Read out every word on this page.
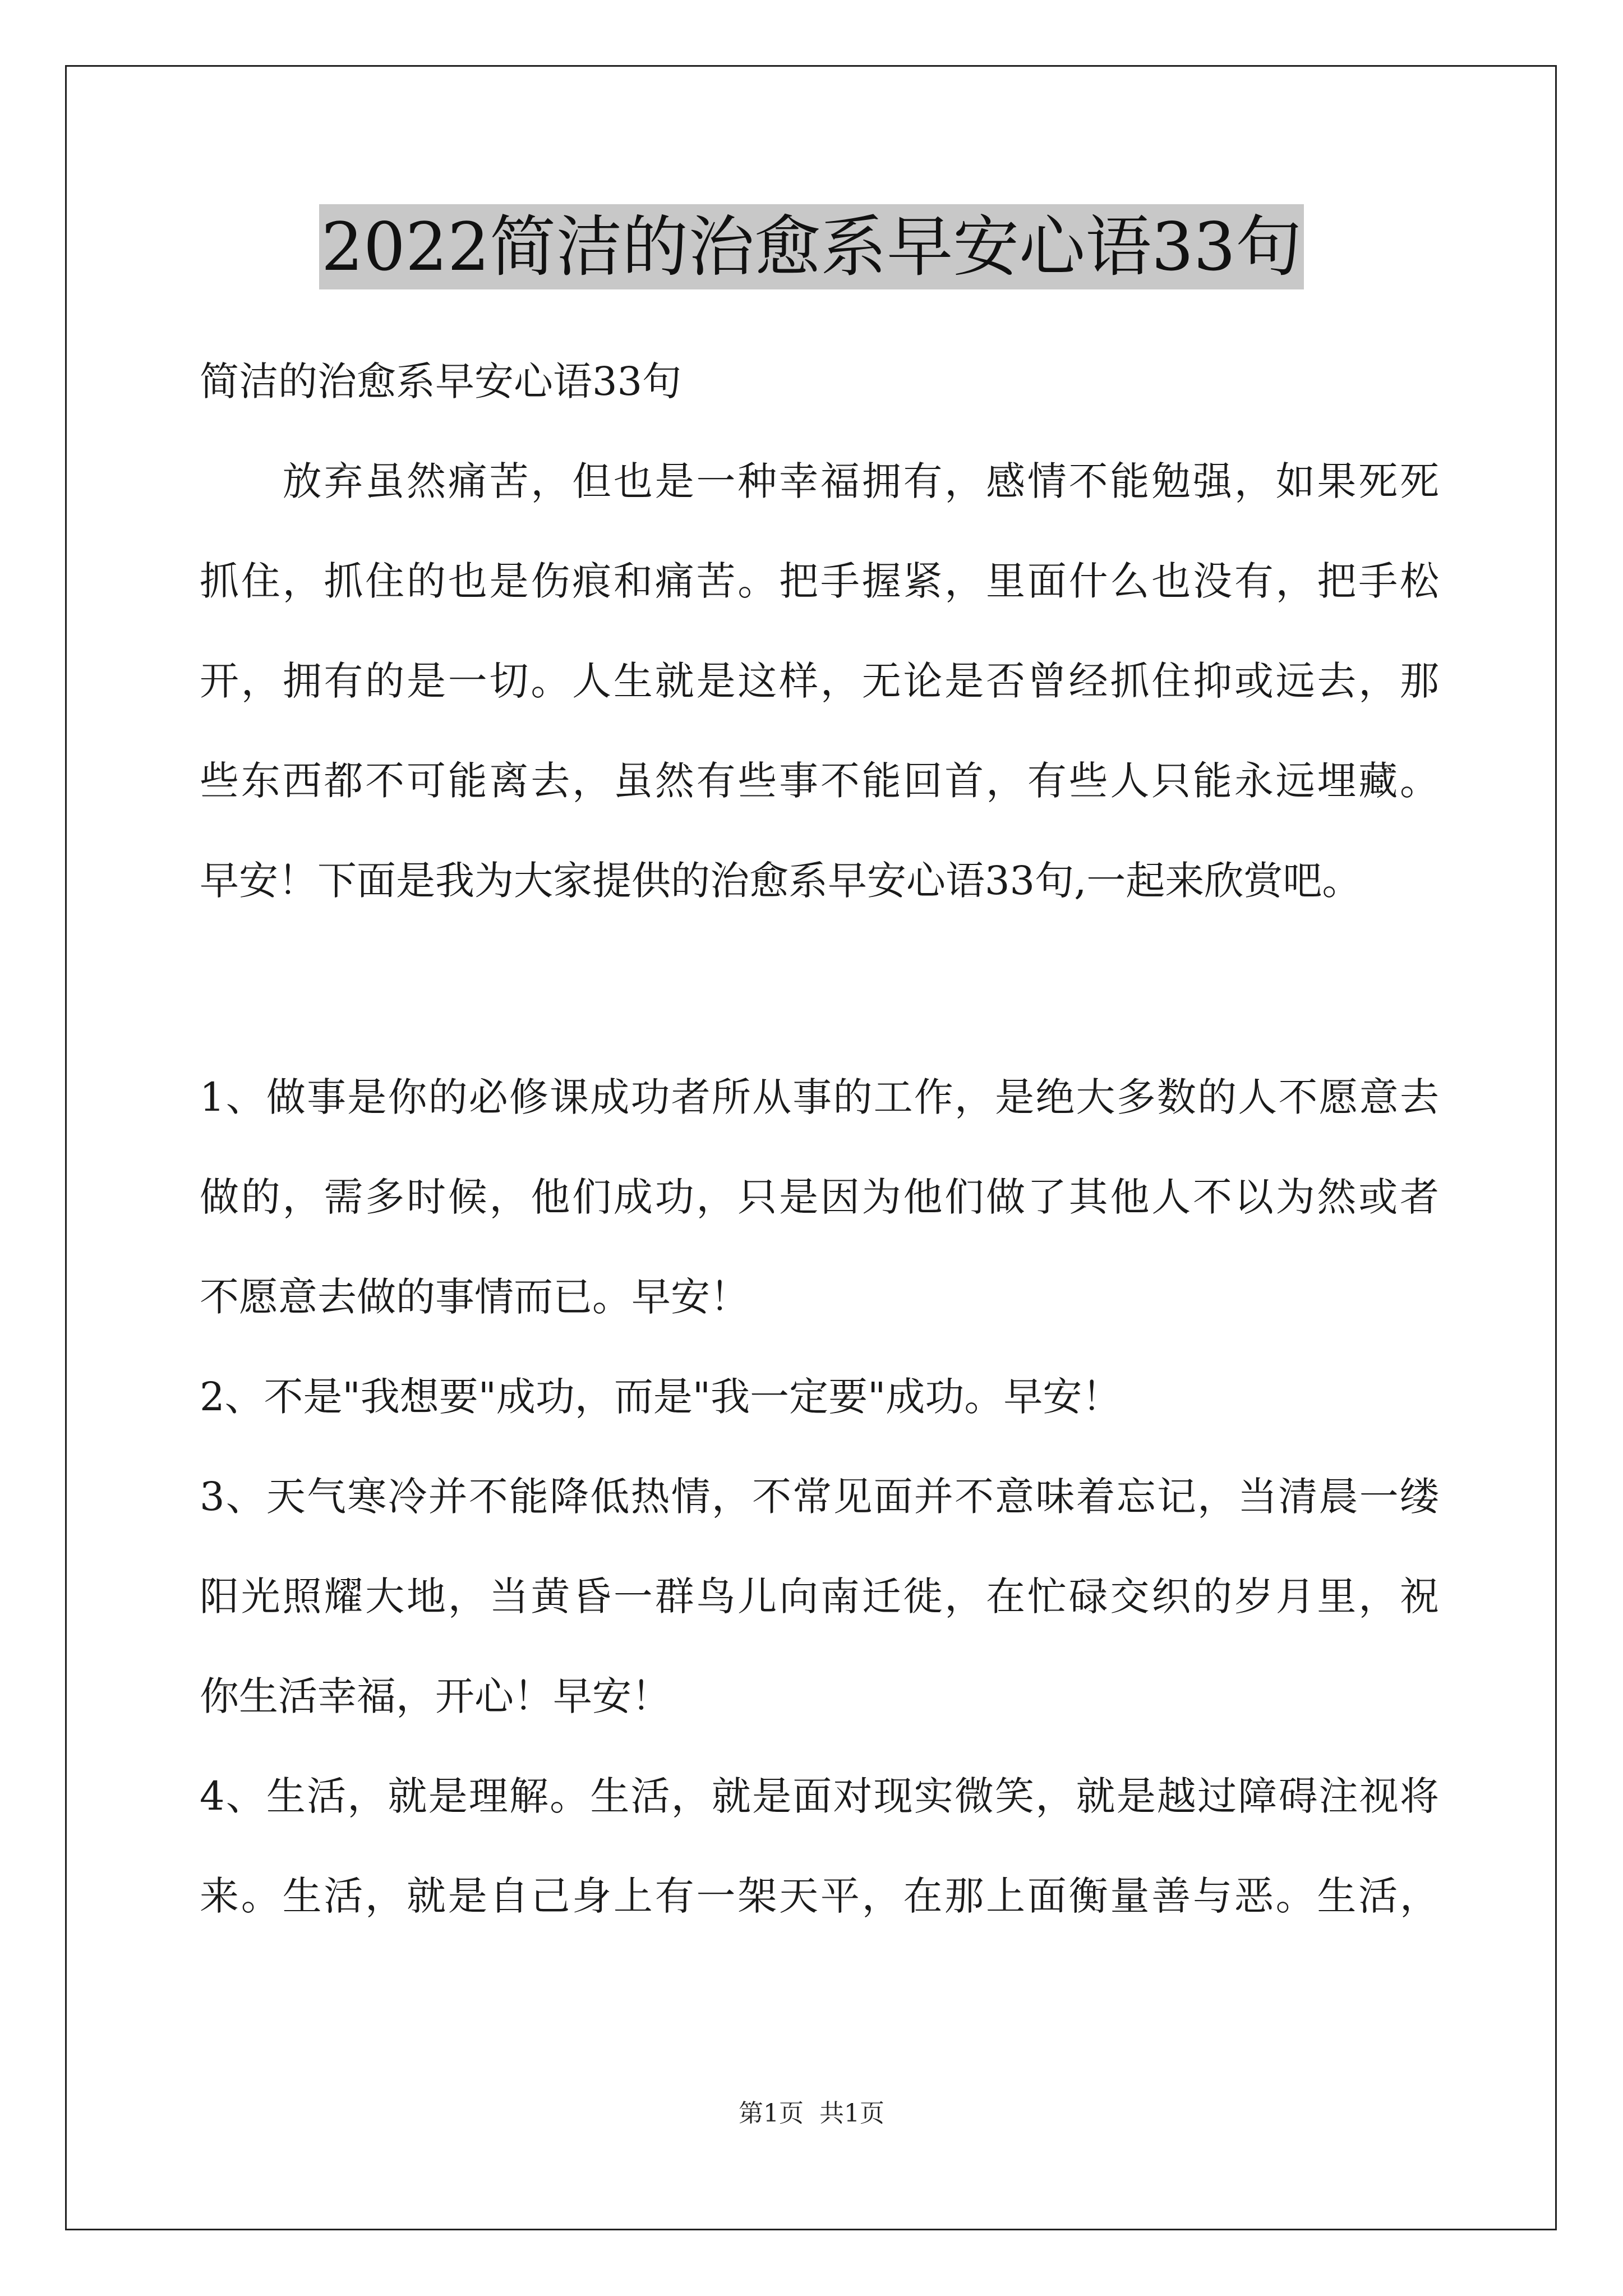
2022简洁的治愈系早安心语33句
简洁的治愈系早安心语33句
　　放弃虽然痛苦，但也是一种幸福拥有，感情不能勉强，如果死死
抓住，抓住的也是伤痕和痛苦。把手握紧，里面什么也没有，把手松
开，拥有的是一切。人生就是这样，无论是否曾经抓住抑或远去，那
些东西都不可能离去，虽然有些事不能回首，有些人只能永远埋藏。
早安！下面是我为大家提供的治愈系早安心语33句,一起来欣赏吧。
1、做事是你的必修课成功者所从事的工作，是绝大多数的人不愿意去
做的，需多时候，他们成功，只是因为他们做了其他人不以为然或者
不愿意去做的事情而已。早安！
2、不是"我想要"成功，而是"我一定要"成功。早安！
3、天气寒冷并不能降低热情，不常见面并不意味着忘记，当清晨一缕
阳光照耀大地，当黄昏一群鸟儿向南迁徙，在忙碌交织的岁月里，祝
你生活幸福，开心！早安！
4、生活，就是理解。生活，就是面对现实微笑，就是越过障碍注视将
来。生活，就是自己身上有一架天平，在那上面衡量善与恶。生活，
第1页 共1页
